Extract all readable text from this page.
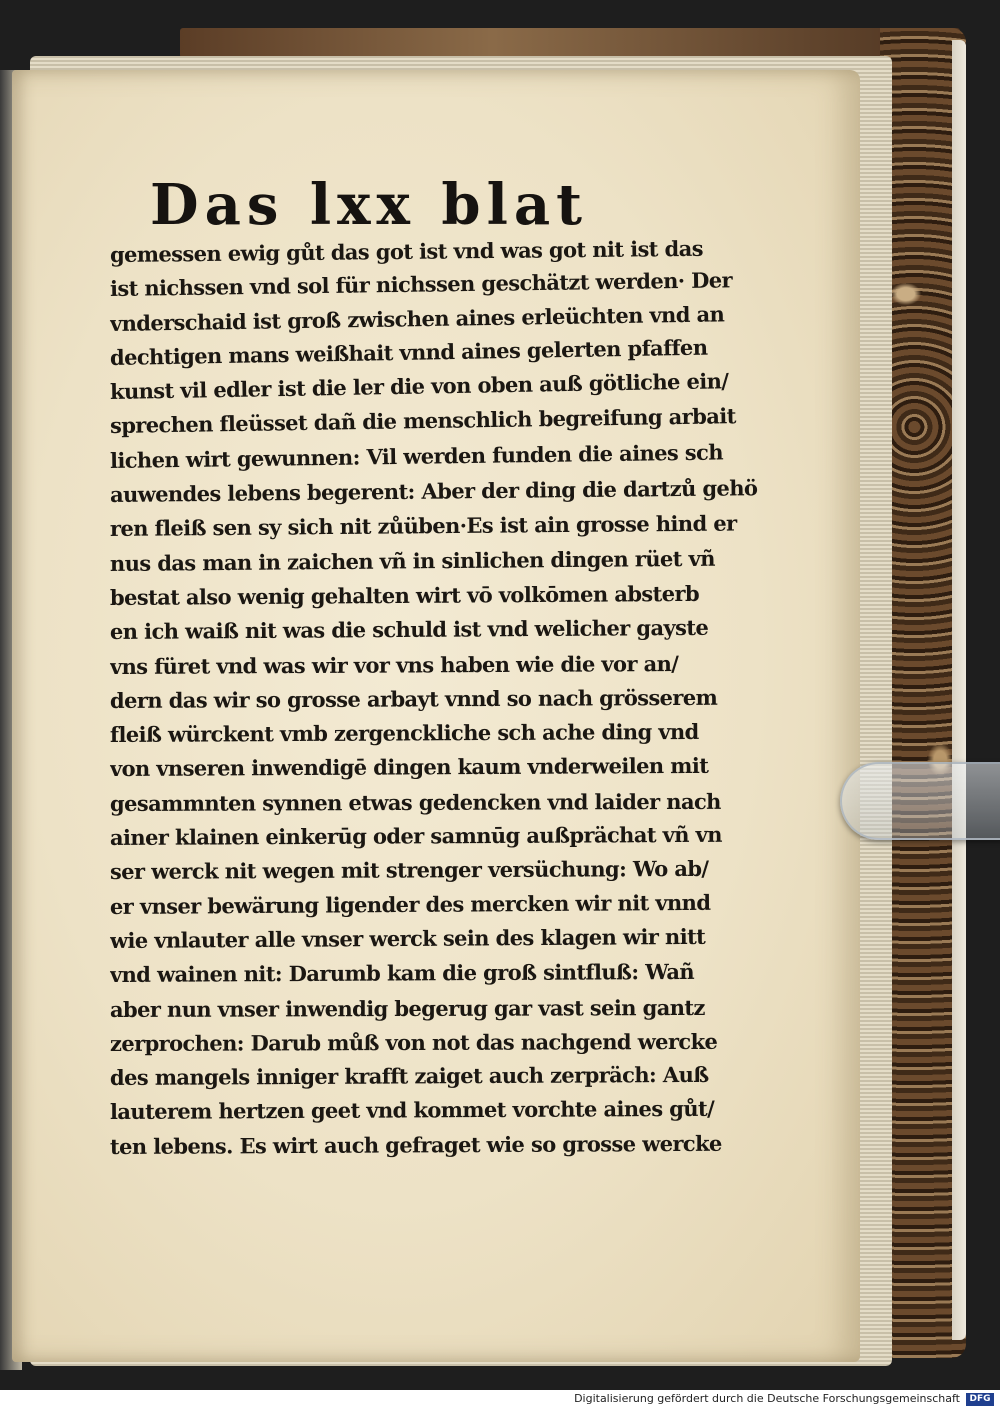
Das lxx blat
gemessen ewig gůt das got ist vnd was got nit ist das
ist nichssen vnd sol für nichssen geschätzt werden· Der
vnderschaid ist groß zwischen aines erleüchten vnd an
dechtigen mans weißhait vnnd aines gelerten pfaffen
kunst vil edler ist die ler die von oben auß götliche ein/
sprechen fleüsset dañ die menschlich begreifung arbait
lichen wirt gewunnen: Vil werden funden die aines sch
auwendes lebens begerent: Aber der ding die dartzů gehö
ren fleiß sen sy sich nit zůüben·Es ist ain grosse hind er
nus das man in zaichen vñ in sinlichen dingen rüet vñ
bestat also wenig gehalten wirt vō volkōmen absterb
en ich waiß nit was die schuld ist vnd welicher gayste
vns füret vnd was wir vor vns haben wie die vor an/
dern das wir so grosse arbayt vnnd so nach grösserem
fleiß würckent vmb zergenckliche sch ache ding vnd
von vnseren inwendigē dingen kaum vnderweilen mit
gesammnten synnen etwas gedencken vnd laider nach
ainer klainen einkerūg oder samnūg außprächat vñ vn
ser werck nit wegen mit strenger versüchung: Wo ab/
er vnser bewärung ligender des mercken wir nit vnnd
wie vnlauter alle vnser werck sein des klagen wir nitt
vnd wainen nit: Darumb kam die groß sintfluß: Wañ
aber nun vnser inwendig begerug gar vast sein gantz
zerprochen: Darub můß von not das nachgend wercke
des mangels inniger krafft zaiget auch zerpräch: Auß
lauterem hertzen geet vnd kommet vorchte aines gůt/
ten lebens. Es wirt auch gefraget wie so grosse wercke
Digitalisierung gefördert durch die Deutsche Forschungsgemeinschaft	DFG
